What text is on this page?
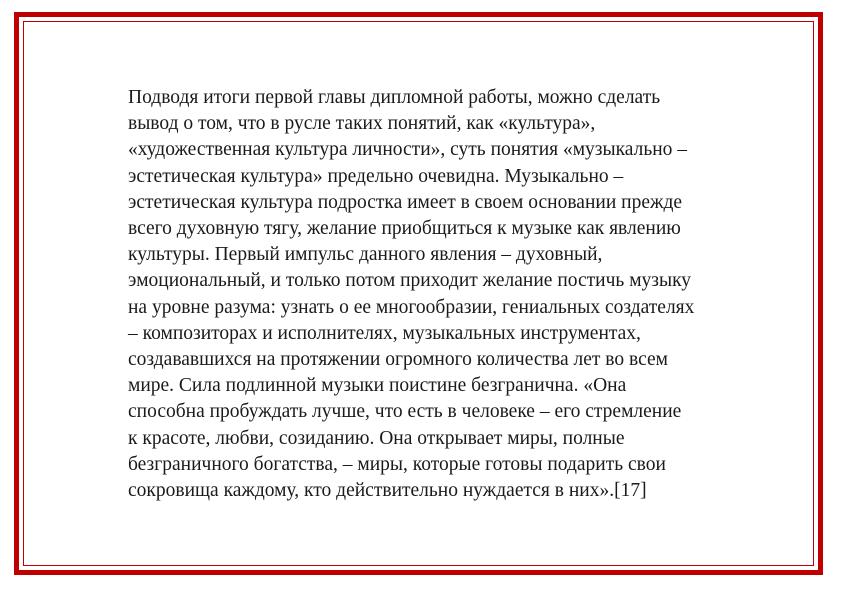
Подводя итоги первой главы дипломной работы, можно сделать
вывод о том, что в русле таких понятий, как «культура»,
«художественная культура личности», суть понятия «музыкально –
эстетическая культура» предельно очевидна. Музыкально –
эстетическая культура подростка имеет в своем основании прежде
всего духовную тягу, желание приобщиться к музыке как явлению
культуры. Первый импульс данного явления – духовный,
эмоциональный, и только потом приходит желание постичь музыку
на уровне разума: узнать о ее многообразии, гениальных создателях
– композиторах и исполнителях, музыкальных инструментах,
создававшихся на протяжении огромного количества лет во всем
мире. Сила подлинной музыки поистине безгранична. «Она
способна пробуждать лучше, что есть в человеке – его стремление
к красоте, любви, созиданию. Она открывает миры, полные
безграничного богатства, – миры, которые готовы подарить свои
сокровища каждому, кто действительно нуждается в них».[17]
